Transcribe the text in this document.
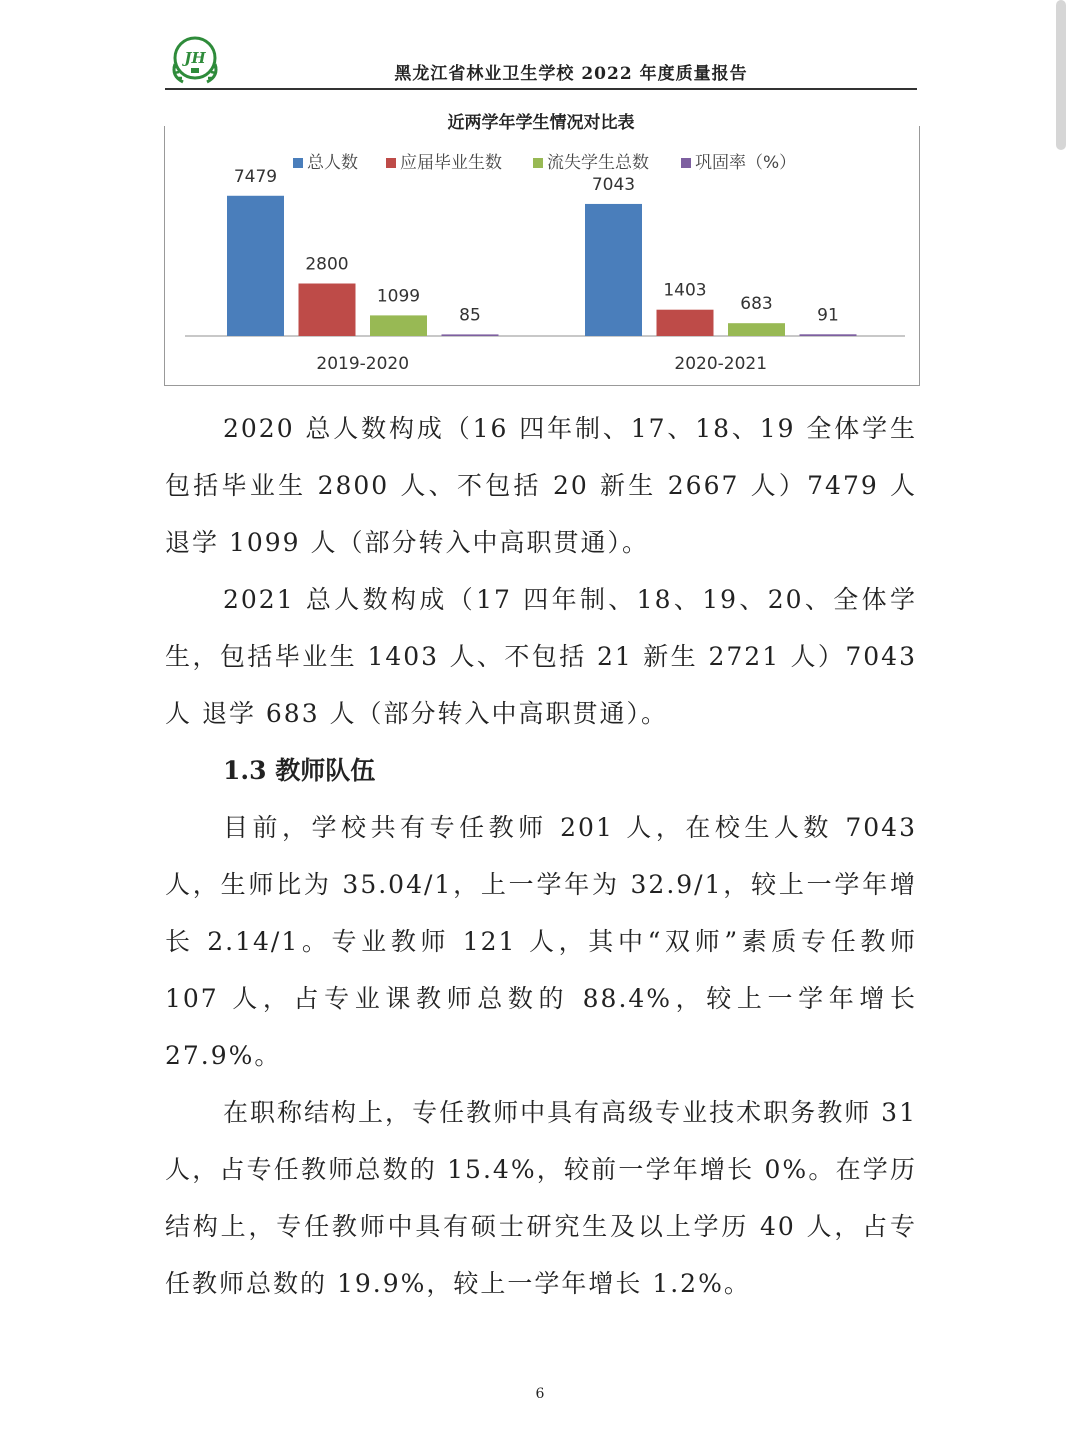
JH
黑龙江省林业卫生学校 2022 年度质量报告
近两学年学生情况对比表
总人数 应届毕业生数	流失学生总数	巩固率（%）
7479
2800
1099
85
2019-2020
7043
1403
683
91
2020-2021

2020 总人数构成（16 四年制、17、18、19 全体学生包括毕业生 2800 人、不包括 20 新生 2667 人）7479 人　退学 1099 人（部分转入中高职贯通）。

2021 总人数构成（17 四年制、18、19、20、全体学生，包括毕业生 1403 人、不包括 21 新生 2721 人）7043 人 退学 683 人（部分转入中高职贯通）。

1.3 教师队伍

目前，学校共有专任教师 201 人，在校生人数 7043 人，生师比为 35.04/1，上一学年为 32.9/1，较上一学年增长 2.14/1。专业教师 121 人，其中“双师”素质专任教师 107 人，占专业课教师总数的 88.4%，较上一学年增长 27.9%。

在职称结构上，专任教师中具有高级专业技术职务教师 31 人，占专任教师总数的 15.4%，较前一学年增长 0%。在学历结构上，专任教师中具有硕士研究生及以上学历 40 人，占专任教师总数的 19.9%，较上一学年增长 1.2%。

6
